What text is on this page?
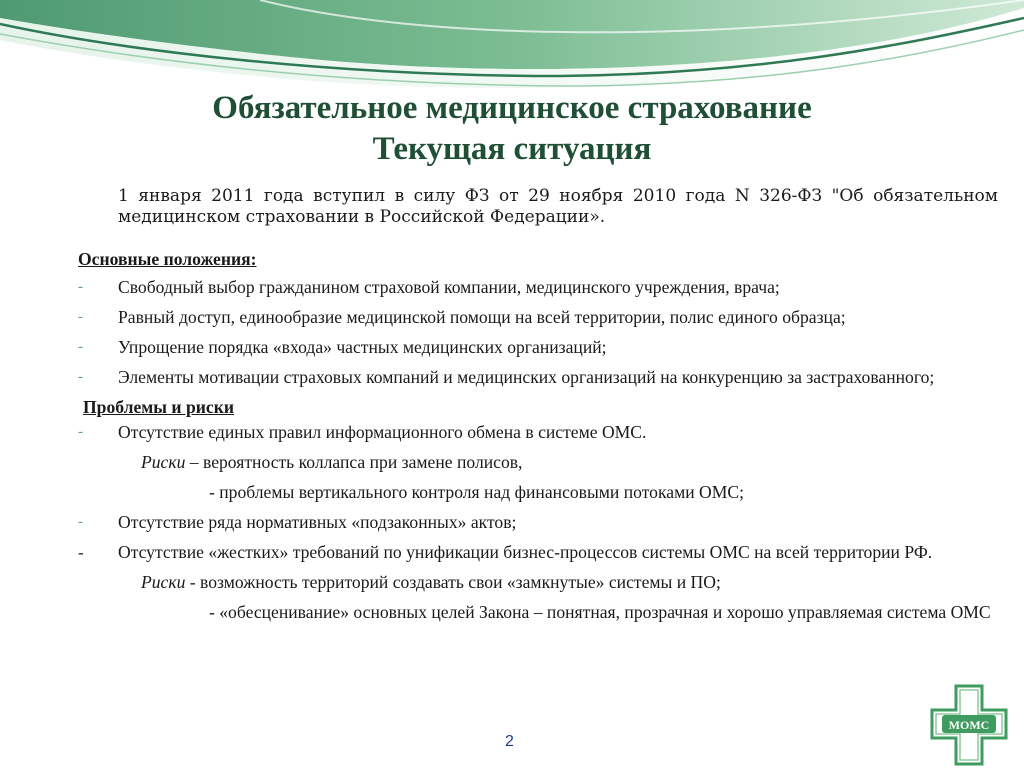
Обязательное медицинское страхование
Текущая ситуация
1 января 2011 года вступил в силу ФЗ от 29 ноября 2010 года N 326-ФЗ "Об обязательном медицинском страховании в Российской Федерации».

Основные положения:

- Свободный выбор гражданином страховой компании, медицинского учреждения, врача;
- Равный доступ, единообразие медицинской помощи на всей территории, полис единого образца;
- Упрощение порядка «входа» частных медицинских организаций;
- Элементы мотивации страховых компаний и медицинских организаций на конкуренцию за застрахованного;

Проблемы и риски

- Отсутствие единых правил информационного обмена в системе ОМС.
Риски – вероятность коллапса при замене полисов,
- проблемы вертикального контроля над финансовыми потоками ОМС;
- Отсутствие ряда нормативных «подзаконных» актов;
- Отсутствие «жестких» требований по унификации бизнес-процессов системы ОМС на всей территории РФ.
Риски - возможность территорий создавать свои «замкнутые» системы и ПО;
- «обесценивание» основных целей Закона – понятная, прозрачная и хорошо управляемая система ОМС
2
МОМС
